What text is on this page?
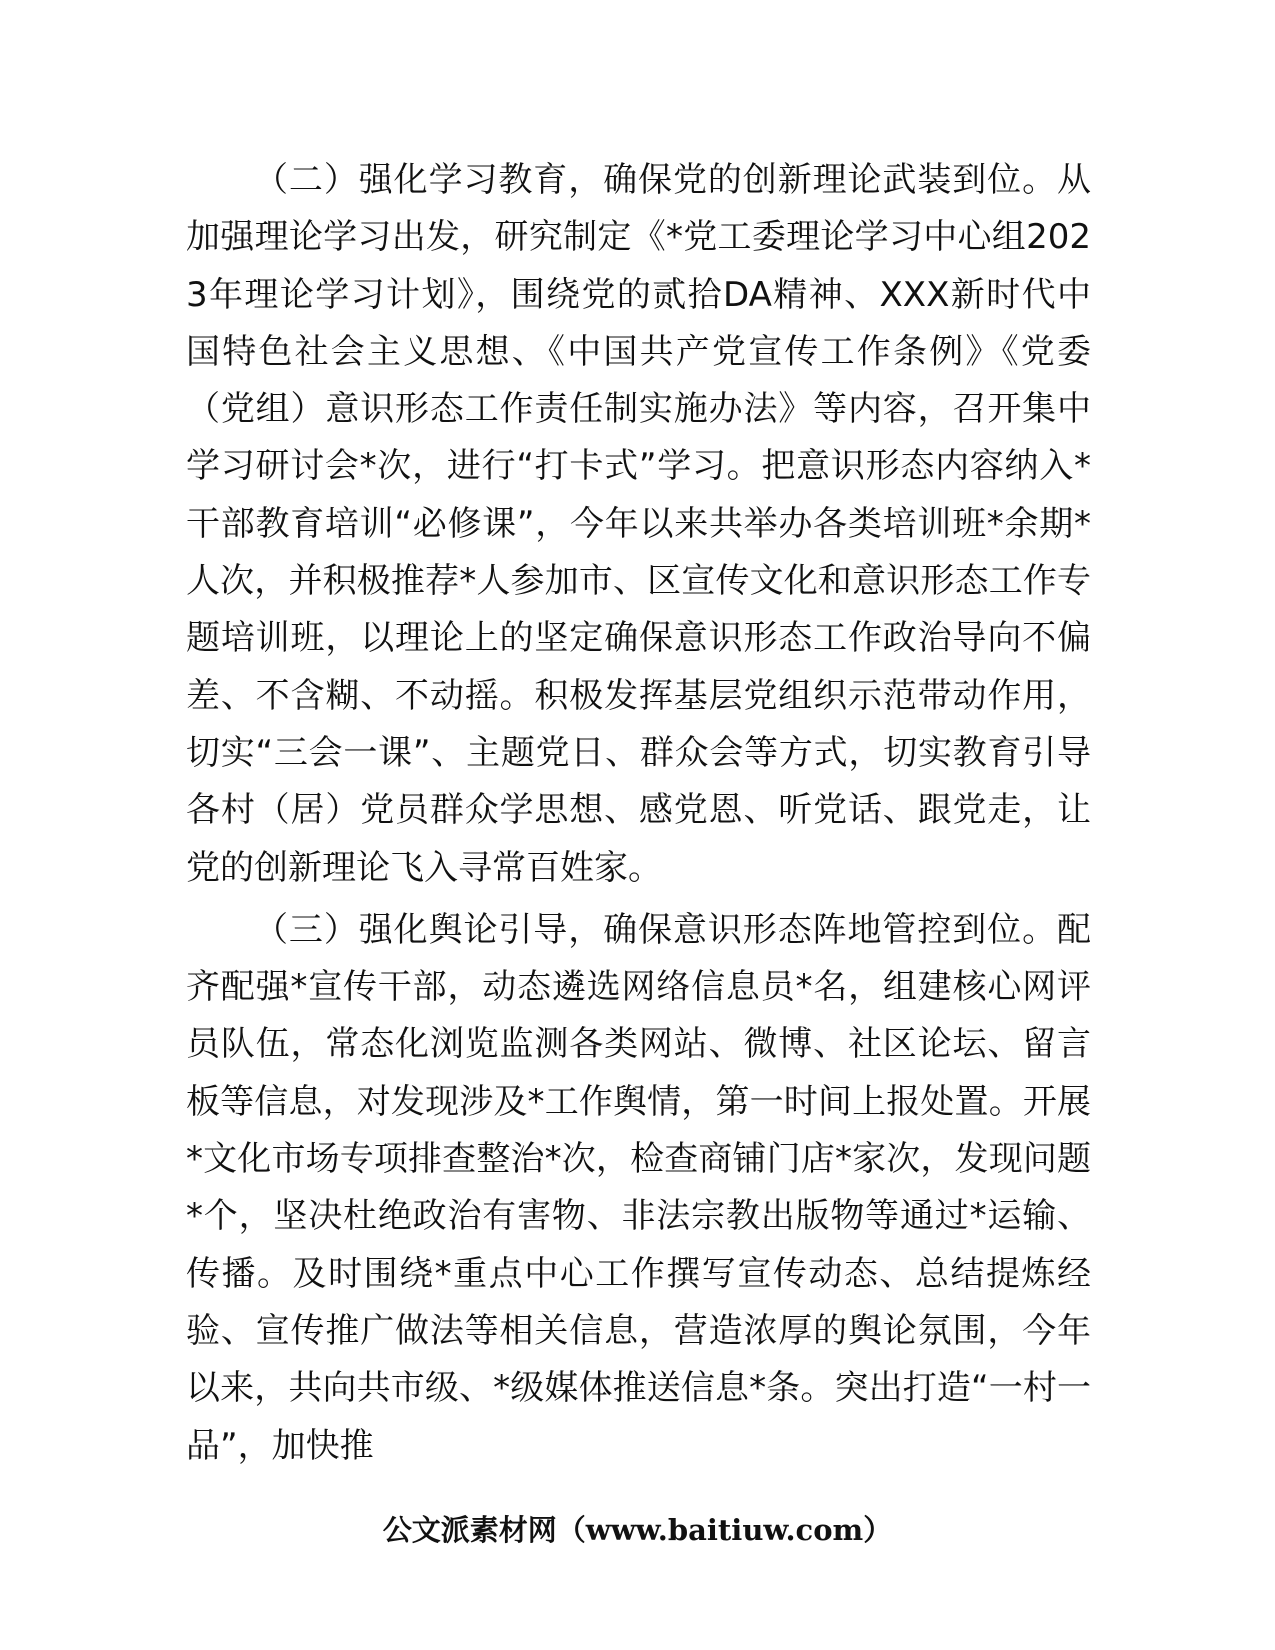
（二）强化学习教育，确保党的创新理论武装到位。从加强理论学习出发，研究制定《*党工委理论学习中心组2023年理论学习计划》，围绕党的贰拾DA精神、XXX新时代中国特色社会主义思想、《中国共产党宣传工作条例》《党委（党组）意识形态工作责任制实施办法》等内容，召开集中学习研讨会*次，进行“打卡式”学习。把意识形态内容纳入*干部教育培训“必修课”，今年以来共举办各类培训班*余期*人次，并积极推荐*人参加市、区宣传文化和意识形态工作专题培训班，以理论上的坚定确保意识形态工作政治导向不偏差、不含糊、不动摇。积极发挥基层党组织示范带动作用，切实“三会一课”、主题党日、群众会等方式，切实教育引导各村（居）党员群众学思想、感党恩、听党话、跟党走，让党的创新理论飞入寻常百姓家。

（三）强化舆论引导，确保意识形态阵地管控到位。配齐配强*宣传干部，动态遴选网络信息员*名，组建核心网评员队伍，常态化浏览监测各类网站、微博、社区论坛、留言板等信息，对发现涉及*工作舆情，第一时间上报处置。开展*文化市场专项排查整治*次，检查商铺门店*家次，发现问题*个，坚决杜绝政治有害物、非法宗教出版物等通过*运输、传播。及时围绕*重点中心工作撰写宣传动态、总结提炼经验、宣传推广做法等相关信息，营造浓厚的舆论氛围，今年以来，共向共市级、*级媒体推送信息*条。突出打造“一村一品”，加快推

公文派素材网（www.baitiuw.com）
